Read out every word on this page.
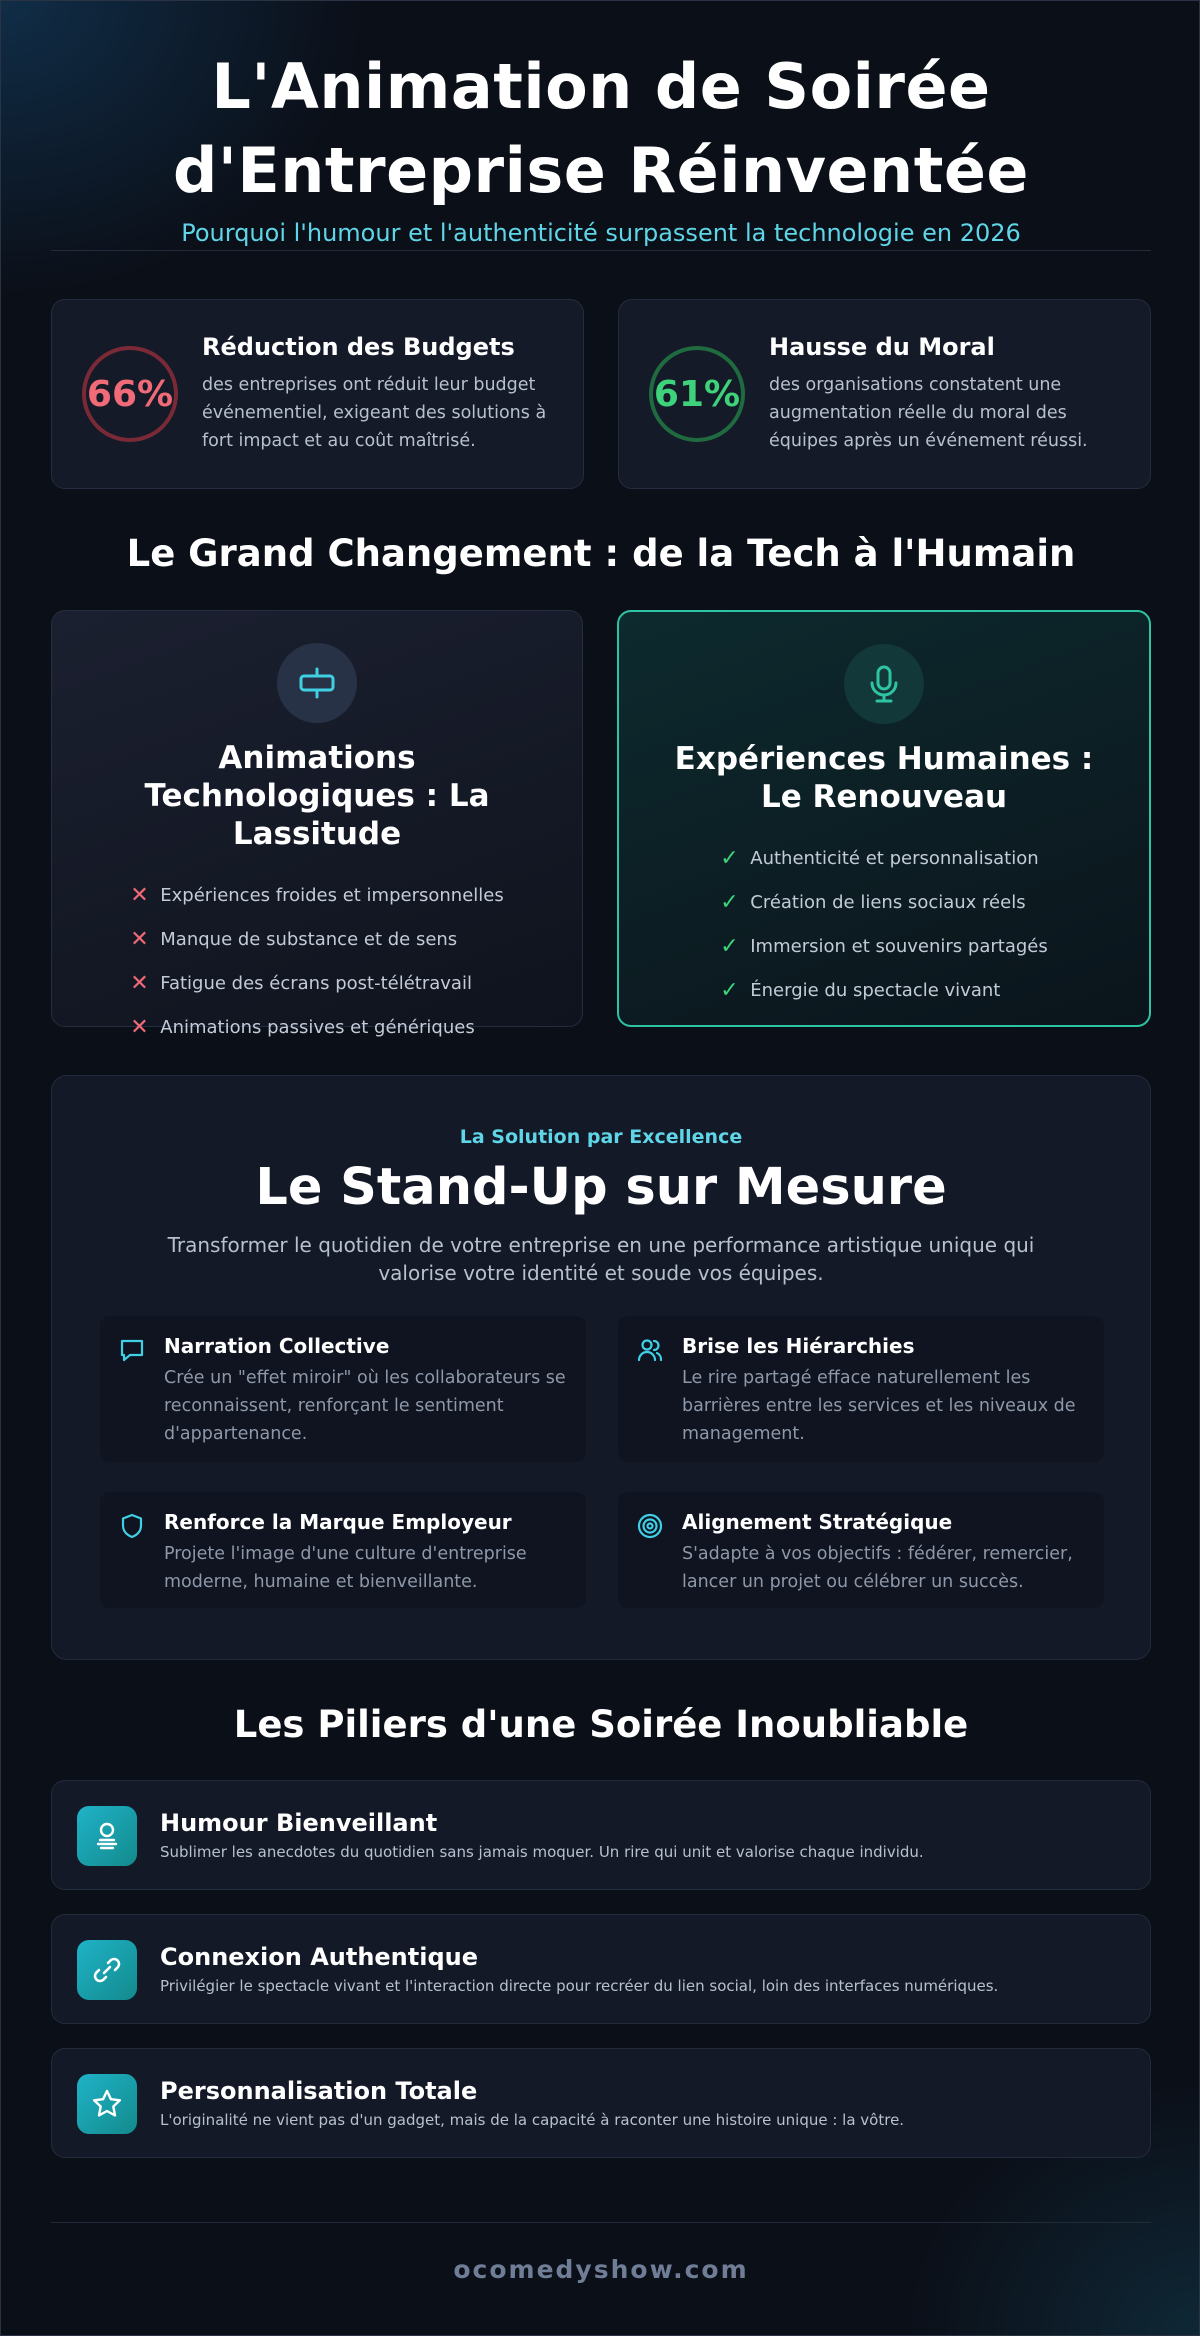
L'Animation de Soirée
d'Entreprise Réinventée

Pourquoi l'humour et l'authenticité surpassent la technologie en 2026

66%
Réduction des Budgets
des entreprises ont réduit leur budget événementiel, exigeant des solutions à fort impact et au coût maîtrisé.
61%
Hausse du Moral
des organisations constatent une augmentation réelle du moral des équipes après un événement réussi.
Le Grand Changement : de la Tech à l'Humain
Animations Technologiques : La Lassitude
✕ Expériences froides et impersonnelles
✕ Manque de substance et de sens
✕ Fatigue des écrans post-télétravail
✕ Animations passives et génériques
Expériences Humaines : Le Renouveau
✓ Authenticité et personnalisation
✓ Création de liens sociaux réels
✓ Immersion et souvenirs partagés
✓ Énergie du spectacle vivant
La Solution par Excellence
Le Stand-Up sur Mesure

Transformer le quotidien de votre entreprise en une performance artistique unique qui valorise votre identité et soude vos équipes.

Narration Collective
Crée un "effet miroir" où les collaborateurs se reconnaissent, renforçant le sentiment d'appartenance.
Brise les Hiérarchies
Le rire partagé efface naturellement les barrières entre les services et les niveaux de management.
Renforce la Marque Employeur
Projete l'image d'une culture d'entreprise moderne, humaine et bienveillante.
Alignement Stratégique
S'adapte à vos objectifs : fédérer, remercier, lancer un projet ou célébrer un succès.
Les Piliers d'une Soirée Inoubliable
Humour Bienveillant
Sublimer les anecdotes du quotidien sans jamais moquer. Un rire qui unit et valorise chaque individu.
Connexion Authentique
Privilégier le spectacle vivant et l'interaction directe pour recréer du lien social, loin des interfaces numériques.
Personnalisation Totale
L'originalité ne vient pas d'un gadget, mais de la capacité à raconter une histoire unique : la vôtre.
ocomedyshow.com
